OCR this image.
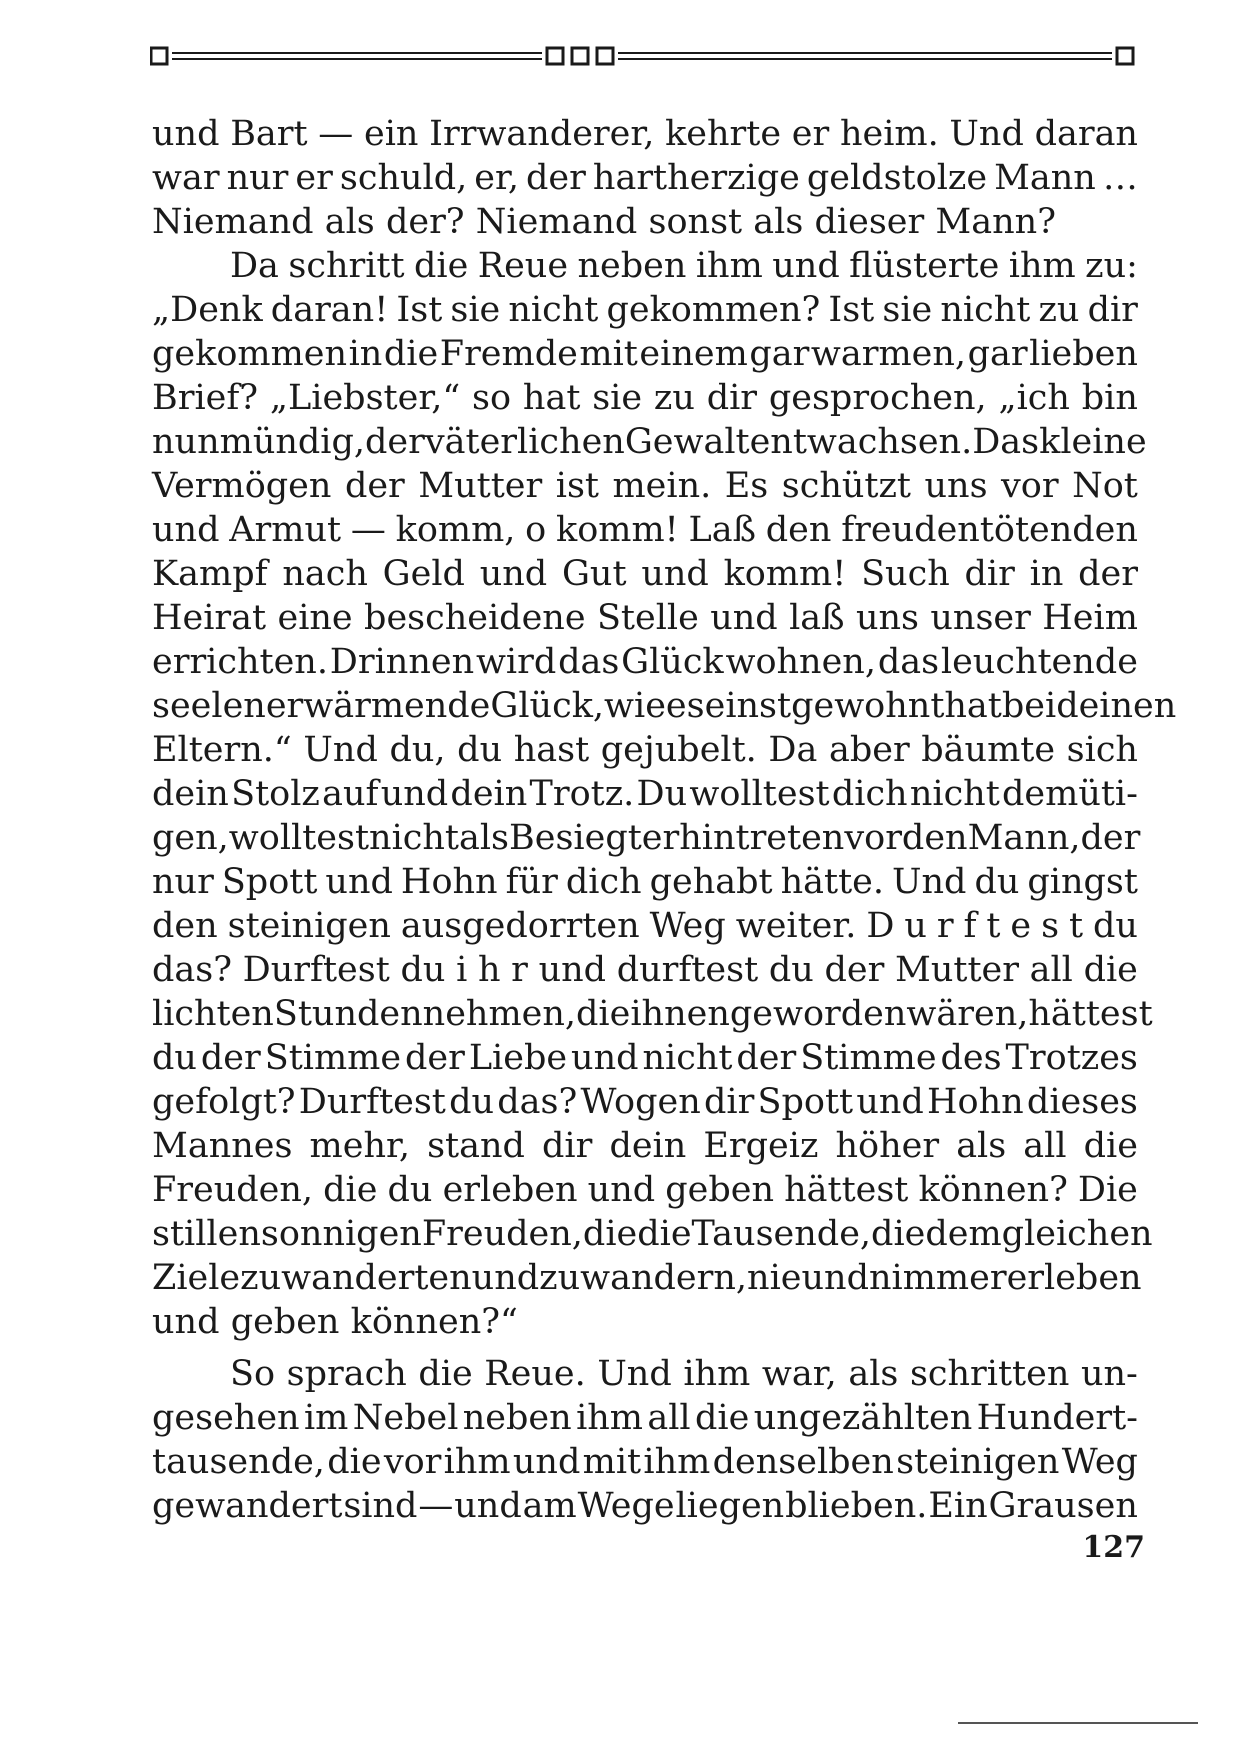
und Bart — ein Irrwanderer, kehrte er heim. Und daran
war nur er schuld, er, der hartherzige geldstolze Mann …
Niemand als der? Niemand sonst als dieser Mann?
Da schritt die Reue neben ihm und flüsterte ihm zu:
„Denk daran! Ist sie nicht gekommen? Ist sie nicht zu dir
gekommen in die Fremde mit einem gar warmen, gar lieben
Brief? „Liebster,“ so hat sie zu dir gesprochen, „ich bin
nun mündig, der väterlichen Gewalt entwachsen. Das kleine
Vermögen der Mutter ist mein. Es schützt uns vor Not
und Armut — komm, o komm! Laß den freudentötenden
Kampf nach Geld und Gut und komm! Such dir in der
Heirat eine bescheidene Stelle und laß uns unser Heim
errichten. Drinnen wird das Glück wohnen, das leuchtende
seelenerwärmende Glück, wie es einst gewohnt hat bei deinen
Eltern.“ Und du, du hast gejubelt. Da aber bäumte sich
dein Stolz auf und dein Trotz. Du wolltest dich nicht demüti-
gen, wolltest nicht als Besiegter hintreten vor den Mann, der
nur Spott und Hohn für dich gehabt hätte. Und du gingst
den steinigen ausgedorrten Weg weiter. D u r f t e s t du
das? Durftest du i h r und durftest du der Mutter all die
lichten Stunden nehmen, die ihnen geworden wären, hättest
du der Stimme der Liebe und nicht der Stimme des Trotzes
gefolgt? Durftest du das? Wogen dir Spott und Hohn dieses
Mannes mehr, stand dir dein Ergeiz höher als all die
Freuden, die du erleben und geben hättest können? Die
stillen sonnigen Freuden, die die Tausende, die dem gleichen
Ziele zuwanderten und zuwandern, nie und nimmer erleben
und geben können?“
So sprach die Reue. Und ihm war, als schritten un-
gesehen im Nebel neben ihm all die ungezählten Hundert-
tausende, die vor ihm und mit ihm denselben steinigen Weg
gewandert sind — und am Wege liegen blieben. Ein Grausen
127
